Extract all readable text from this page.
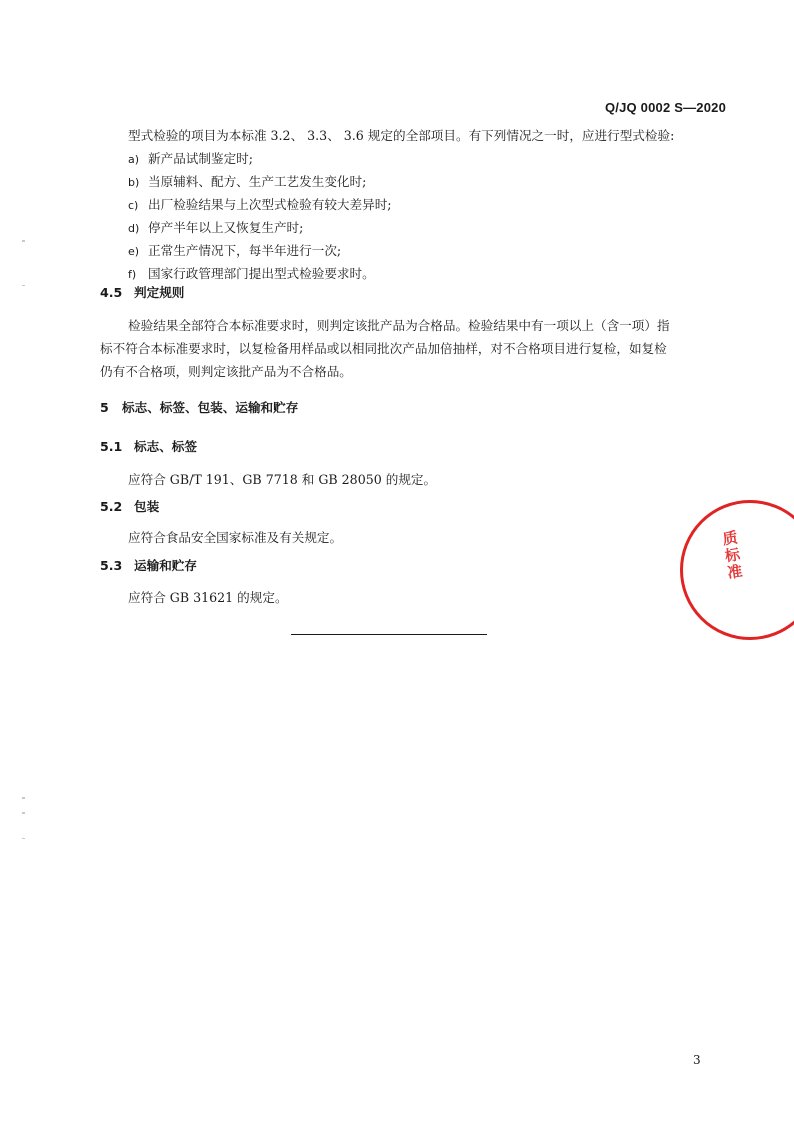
Q/JQ 0002 S—2020

型式检验的项目为本标准 3.2、 3.3、 3.6 规定的全部项目。有下列情况之一时，应进行型式检验:

a) 新产品试制鉴定时;

b) 当原辅料、配方、生产工艺发生变化时;

c) 出厂检验结果与上次型式检验有较大差异时;

d) 停产半年以上又恢复生产时;

e) 正常生产情况下，每半年进行一次;

f) 国家行政管理部门提出型式检验要求时。

4.5 判定规则

检验结果全部符合本标准要求时，则判定该批产品为合格品。检验结果中有一项以上（含一项）指

标不符合本标准要求时，以复检备用样品或以相同批次产品加倍抽样，对不合格项目进行复检，如复检

仍有不合格项，则判定该批产品为不合格品。

5 标志、标签、包装、运输和贮存
5.1 标志、标签

应符合 GB/T 191、GB 7718 和 GB 28050 的规定。

5.2 包装

应符合食品安全国家标准及有关规定。

5.3 运输和贮存

应符合 GB 31621 的规定。

质标准
3
